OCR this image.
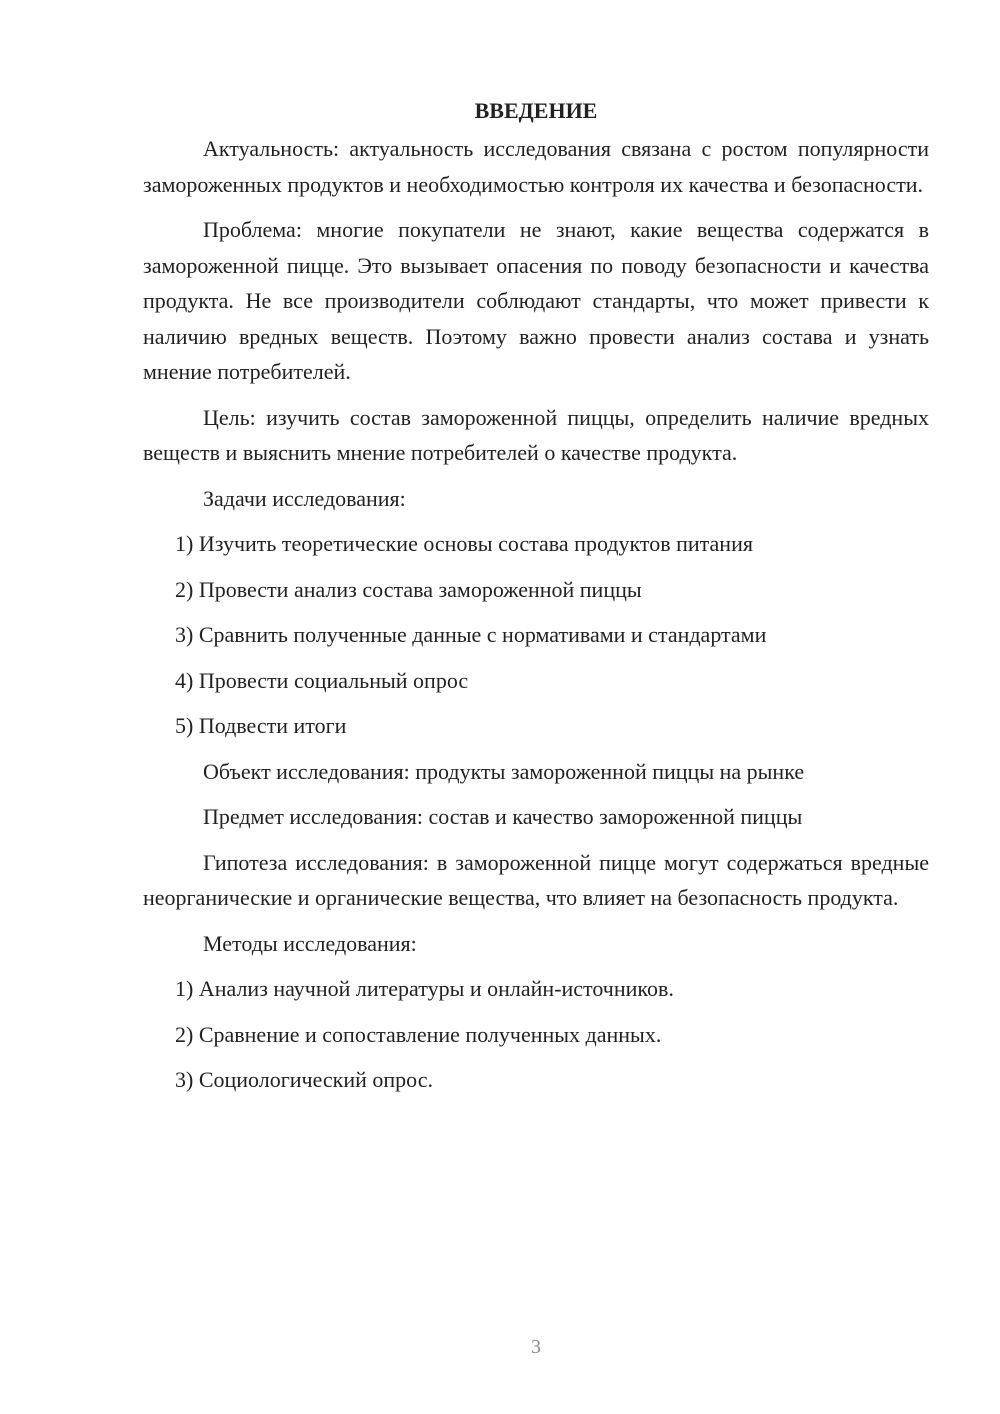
ВВЕДЕНИЕ

Актуальность: актуальность исследования связана с ростом популярности замороженных продуктов и необходимостью контроля их качества и безопасности.

Проблема: многие покупатели не знают, какие вещества содержатся в замороженной пицце. Это вызывает опасения по поводу безопасности и качества продукта. Не все производители соблюдают стандарты, что может привести к наличию вредных веществ. Поэтому важно провести анализ состава и узнать мнение потребителей.

Цель: изучить состав замороженной пиццы, определить наличие вредных веществ и выяснить мнение потребителей о качестве продукта.

Задачи исследования:
1) Изучить теоретические основы состава продуктов питания
2) Провести анализ состава замороженной пиццы
3) Сравнить полученные данные с нормативами и стандартами
4) Провести социальный опрос
5) Подвести итоги
Объект исследования: продукты замороженной пиццы на рынке
Предмет исследования: состав и качество замороженной пиццы

Гипотеза исследования: в замороженной пицце могут содержаться вредные неорганические и органические вещества, что влияет на безопасность продукта.

Методы исследования:
1) Анализ научной литературы и онлайн-источников.
2) Сравнение и сопоставление полученных данных.
3) Социологический опрос.
3
